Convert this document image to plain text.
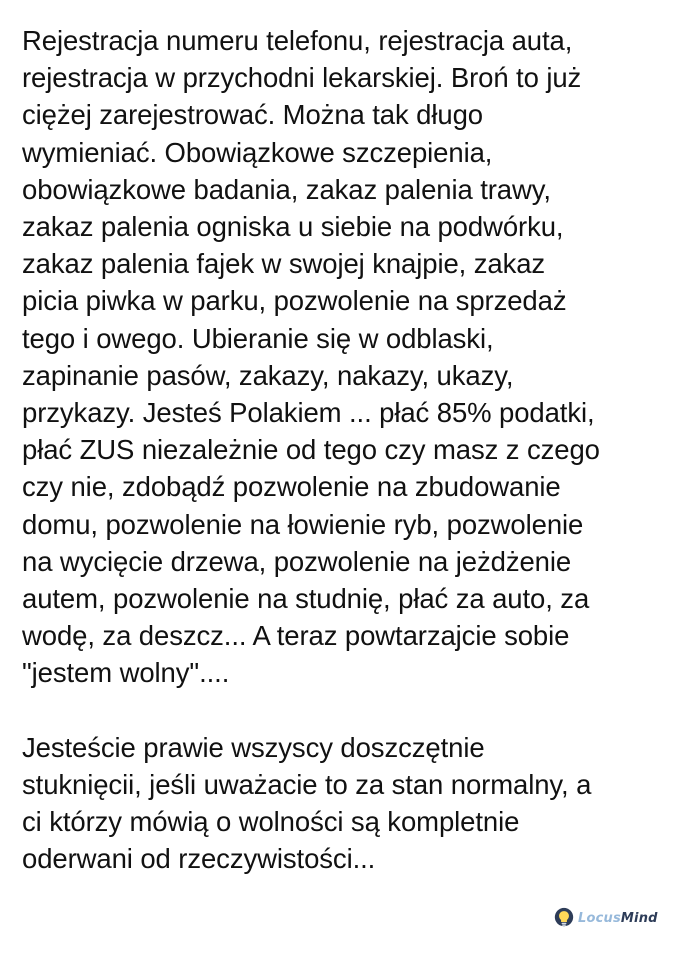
Rejestracja numeru telefonu, rejestracja auta,
rejestracja w przychodni lekarskiej. Broń to już
ciężej zarejestrować. Można tak długo
wymieniać. Obowiązkowe szczepienia,
obowiązkowe badania, zakaz palenia trawy,
zakaz palenia ogniska u siebie na podwórku,
zakaz palenia fajek w swojej knajpie, zakaz
picia piwka w parku, pozwolenie na sprzedaż
tego i owego. Ubieranie się w odblaski,
zapinanie pasów, zakazy, nakazy, ukazy,
przykazy. Jesteś Polakiem ... płać 85% podatki,
płać ZUS niezależnie od tego czy masz z czego
czy nie, zdobądź pozwolenie na zbudowanie
domu, pozwolenie na łowienie ryb, pozwolenie
na wycięcie drzewa, pozwolenie na jeżdżenie
autem, pozwolenie na studnię, płać za auto, za
wodę, za deszcz... A teraz powtarzajcie sobie
"jestem wolny"....
Jesteście prawie wszyscy doszczętnie
stuknięcii, jeśli uważacie to za stan normalny, a
ci którzy mówią o wolności są kompletnie
oderwani od rzeczywistości...
LocusMind
